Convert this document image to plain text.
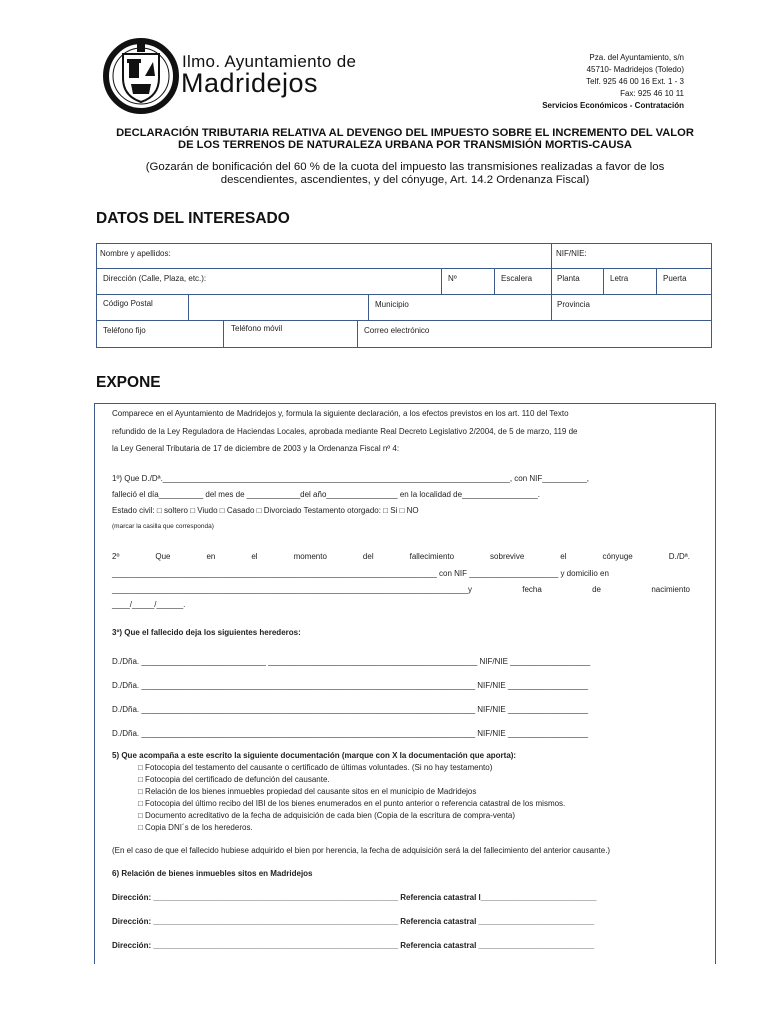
Ilmo. Ayuntamiento de
Madridejos
Pza. del Ayuntamiento, s/n
45710- Madridejos (Toledo)
Telf. 925 46 00 16 Ext. 1 - 3
Fax: 925 46 10 11
Servicios Económicos - Contratación
DECLARACIÓN TRIBUTARIA RELATIVA AL DEVENGO DEL IMPUESTO SOBRE EL INCREMENTO DEL VALOR
DE LOS TERRENOS DE NATURALEZA URBANA POR TRANSMISIÓN MORTIS-CAUSA
(Gozarán de bonificación del 60 % de la cuota del impuesto las transmisiones realizadas a favor de los
descendientes, ascendientes, y del cónyuge, Art. 14.2 Ordenanza Fiscal)
DATOS DEL INTERESADO
Nombre y apellidos:	NIF/NIE:
Dirección (Calle, Plaza, etc.):	Nº	Escalera	Planta	Letra	Puerta
Código Postal	Municipio	Provincia
Teléfono fijo	Teléfono móvil	Correo electrónico
EXPONE
Comparece en el Ayuntamiento de Madridejos y, formula la siguiente declaración, a los efectos previstos en los art. 110 del Texto
refundido de la Ley Reguladora de Haciendas Locales, aprobada mediante Real Decreto Legislativo 2/2004, de 5 de marzo, 119 de
la Ley General Tributaria de 17 de diciembre de 2003 y la Ordenanza Fiscal nº 4:
1º) Que D./Dª.______________________________________________________________________________, con NIF__________,
falleció el día__________ del mes de ____________del año________________ en la localidad de_________________.
Estado civil: □ soltero □ Viudo □ Casado □ Divorciado Testamento otorgado: □ Si □ NO
(marcar la casilla que corresponda)
2º	Que	en	el	momento	del	fallecimiento	sobrevive	el	cónyuge	D./Dª.
_________________________________________________________________________ con NIF ____________________ y domicilio en
________________________________________________________________________________y	fecha	de	nacimiento
____/_____/______.
3º) Que el fallecido deja los siguientes herederos:
D./Dña. ____________________________ _______________________________________________ NIF/NIE __________________
D./Dña. ___________________________________________________________________________ NIF/NIE __________________
D./Dña. ___________________________________________________________________________ NIF/NIE __________________
D./Dña. ___________________________________________________________________________ NIF/NIE __________________
5) Que acompaña a este escrito la siguiente documentación (marque con X la documentación que aporta):
□ Fotocopia del testamento del causante o certificado de últimas voluntades. (Si no hay testamento)
□ Fotocopia del certificado de defunción del causante.
□ Relación de los bienes inmuebles propiedad del causante sitos en el municipio de Madridejos
□ Fotocopia del último recibo del IBI de los bienes enumerados en el punto anterior o referencia catastral de los mismos.
□ Documento acreditativo de la fecha de adquisición de cada bien (Copia de la escritura de compra-venta)
□ Copia DNI´s de los herederos.
(En el caso de que el fallecido hubiese adquirido el bien por herencia, la fecha de adquisición será la del fallecimiento del anterior causante.)
6) Relación de bienes inmuebles sitos en Madridejos
Dirección: _______________________________________________________ Referencia catastral l__________________________
Dirección: _______________________________________________________ Referencia catastral __________________________
Dirección: _______________________________________________________ Referencia catastral __________________________
